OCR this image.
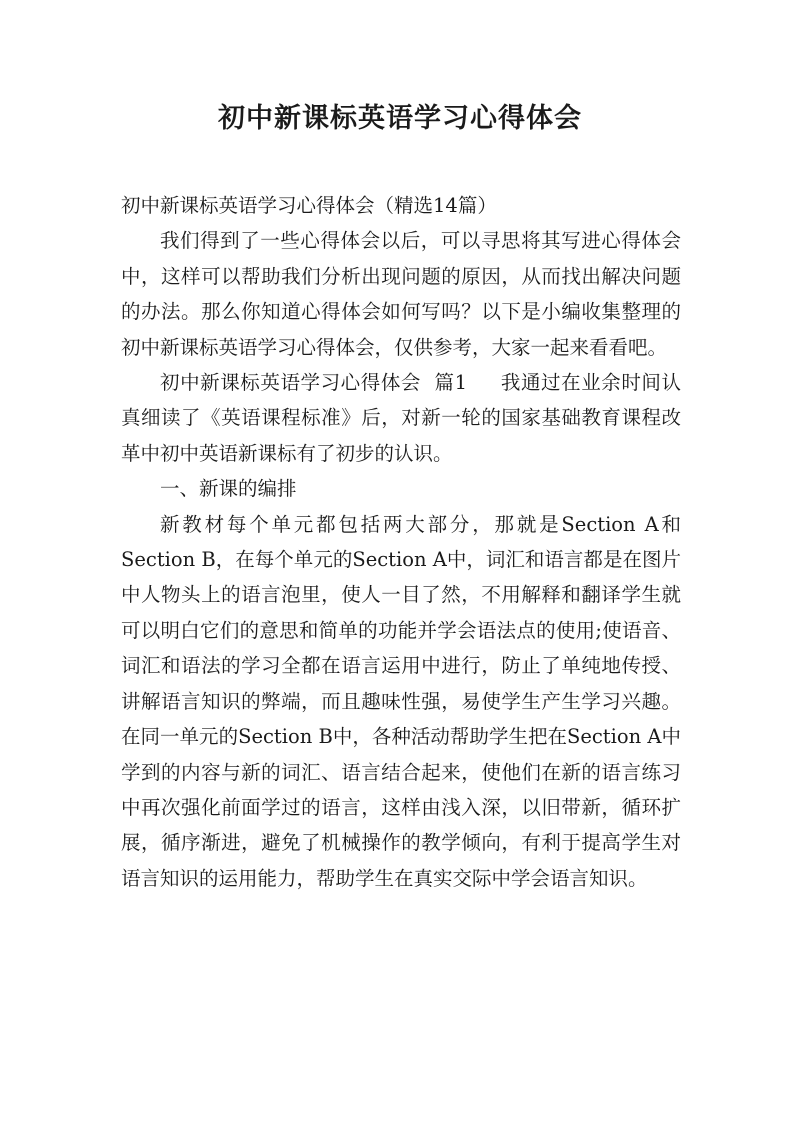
初中新课标英语学习心得体会

初中新课标英语学习心得体会（精选14篇）

我们得到了一些心得体会以后，可以寻思将其写进心得体会中，这样可以帮助我们分析出现问题的原因，从而找出解决问题的办法。那么你知道心得体会如何写吗？以下是小编收集整理的初中新课标英语学习心得体会，仅供参考，大家一起来看看吧。

初中新课标英语学习心得体会  篇1     我通过在业余时间认真细读了《英语课程标准》后，对新一轮的国家基础教育课程改革中初中英语新课标有了初步的认识。

一、新课的编排

新教材每个单元都包括两大部分，那就是Section A和Section B，在每个单元的Section A中，词汇和语言都是在图片中人物头上的语言泡里，使人一目了然，不用解释和翻译学生就可以明白它们的意思和简单的功能并学会语法点的使用;使语音、词汇和语法的学习全都在语言运用中进行，防止了单纯地传授、讲解语言知识的弊端，而且趣味性强，易使学生产生学习兴趣。在同一单元的Section B中，各种活动帮助学生把在Section A中学到的内容与新的词汇、语言结合起来，使他们在新的语言练习中再次强化前面学过的语言，这样由浅入深，以旧带新，循环扩展，循序渐进，避免了机械操作的教学倾向，有利于提高学生对语言知识的运用能力，帮助学生在真实交际中学会语言知识。
